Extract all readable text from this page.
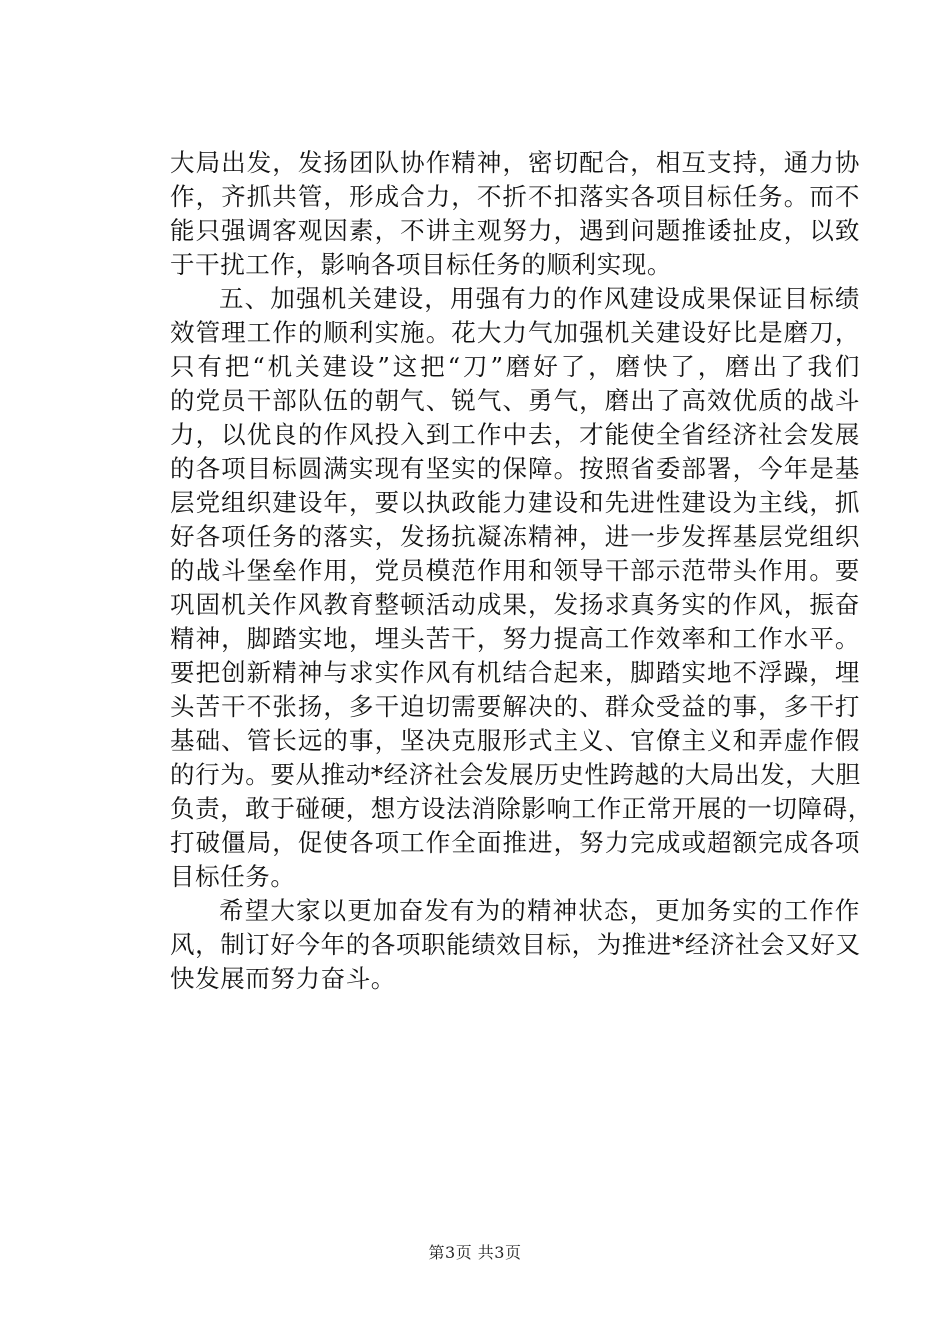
大局出发，发扬团队协作精神，密切配合，相互支持，通力协
作，齐抓共管，形成合力，不折不扣落实各项目标任务。而不
能只强调客观因素，不讲主观努力，遇到问题推诿扯皮，以致
于干扰工作，影响各项目标任务的顺利实现。
五、加强机关建设，用强有力的作风建设成果保证目标绩
效管理工作的顺利实施。花大力气加强机关建设好比是磨刀，
只有把“机关建设”这把“刀”磨好了，磨快了，磨出了我们
的党员干部队伍的朝气、锐气、勇气，磨出了高效优质的战斗
力，以优良的作风投入到工作中去，才能使全省经济社会发展
的各项目标圆满实现有坚实的保障。按照省委部署，今年是基
层党组织建设年，要以执政能力建设和先进性建设为主线，抓
好各项任务的落实，发扬抗凝冻精神，进一步发挥基层党组织
的战斗堡垒作用，党员模范作用和领导干部示范带头作用。要
巩固机关作风教育整顿活动成果，发扬求真务实的作风，振奋
精神，脚踏实地，埋头苦干，努力提高工作效率和工作水平。
要把创新精神与求实作风有机结合起来，脚踏实地不浮躁，埋
头苦干不张扬，多干迫切需要解决的、群众受益的事，多干打
基础、管长远的事，坚决克服形式主义、官僚主义和弄虚作假
的行为。要从推动*经济社会发展历史性跨越的大局出发，大胆
负责，敢于碰硬，想方设法消除影响工作正常开展的一切障碍，
打破僵局，促使各项工作全面推进，努力完成或超额完成各项
目标任务。
希望大家以更加奋发有为的精神状态，更加务实的工作作
风，制订好今年的各项职能绩效目标，为推进*经济社会又好又
快发展而努力奋斗。
第3页 共3页
